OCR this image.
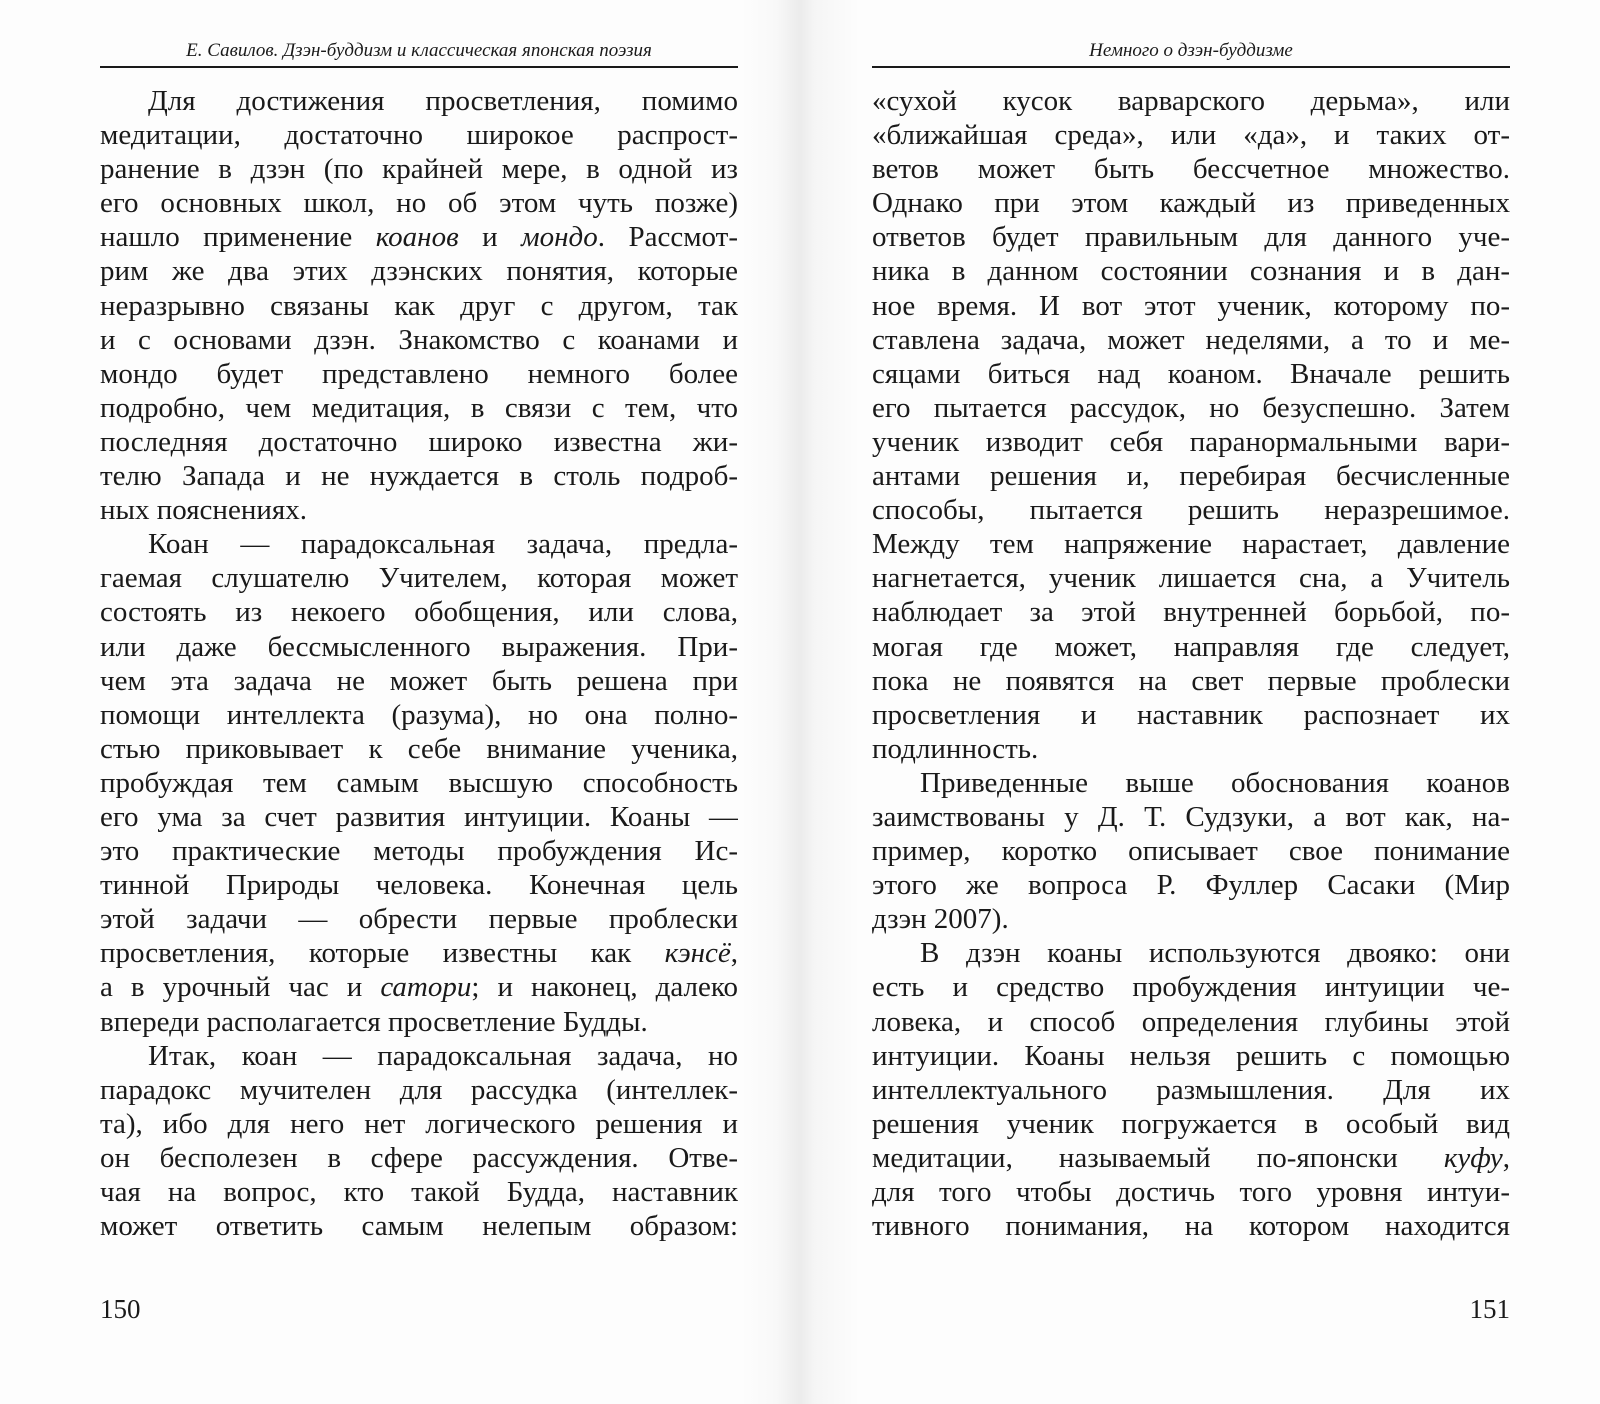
Е. Савилов. Дзэн-буддизм и классическая японская поэзия
Для достижения просветления, помимо
медитации, достаточно широкое распрост-
ранение в дзэн (по крайней мере, в одной из
его основных школ, но об этом чуть позже)
нашло применение коанов и мондо. Рассмот-
рим же два этих дзэнских понятия, которые
неразрывно связаны как друг с другом, так
и с основами дзэн. Знакомство с коанами и
мондо будет представлено немного более
подробно, чем медитация, в связи с тем, что
последняя достаточно широко известна жи-
телю Запада и не нуждается в столь подроб-
ных пояснениях.
Коан — парадоксальная задача, предла-
гаемая слушателю Учителем, которая может
состоять из некоего обобщения, или слова,
или даже бессмысленного выражения. При-
чем эта задача не может быть решена при
помощи интеллекта (разума), но она полно-
стью приковывает к себе внимание ученика,
пробуждая тем самым высшую способность
его ума за счет развития интуиции. Коаны —
это практические методы пробуждения Ис-
тинной Природы человека. Конечная цель
этой задачи — обрести первые проблески
просветления, которые известны как кэнсё,
а в урочный час и сатори; и наконец, далеко
впереди располагается просветление Будды.
Итак, коан — парадоксальная задача, но
парадокс мучителен для рассудка (интеллек-
та), ибо для него нет логического решения и
он бесполезен в сфере рассуждения. Отве-
чая на вопрос, кто такой Будда, наставник
может ответить самым нелепым образом:
150
Немного о дзэн-буддизме
«сухой кусок варварского дерьма», или
«ближайшая среда», или «да», и таких от-
ветов может быть бессчетное множество.
Однако при этом каждый из приведенных
ответов будет правильным для данного уче-
ника в данном состоянии сознания и в дан-
ное время. И вот этот ученик, которому по-
ставлена задача, может неделями, а то и ме-
сяцами биться над коаном. Вначале решить
его пытается рассудок, но безуспешно. Затем
ученик изводит себя паранормальными вари-
антами решения и, перебирая бесчисленные
способы, пытается решить неразрешимое.
Между тем напряжение нарастает, давление
нагнетается, ученик лишается сна, а Учитель
наблюдает за этой внутренней борьбой, по-
могая где может, направляя где следует,
пока не появятся на свет первые проблески
просветления и наставник распознает их
подлинность.
Приведенные выше обоснования коанов
заимствованы у Д. Т. Судзуки, а вот как, на-
пример, коротко описывает свое понимание
этого же вопроса Р. Фуллер Сасаки (Мир
дзэн 2007).
В дзэн коаны используются двояко: они
есть и средство пробуждения интуиции че-
ловека, и способ определения глубины этой
интуиции. Коаны нельзя решить с помощью
интеллектуального размышления. Для их
решения ученик погружается в особый вид
медитации, называемый по-японски куфу,
для того чтобы достичь того уровня интуи-
тивного понимания, на котором находится
151
